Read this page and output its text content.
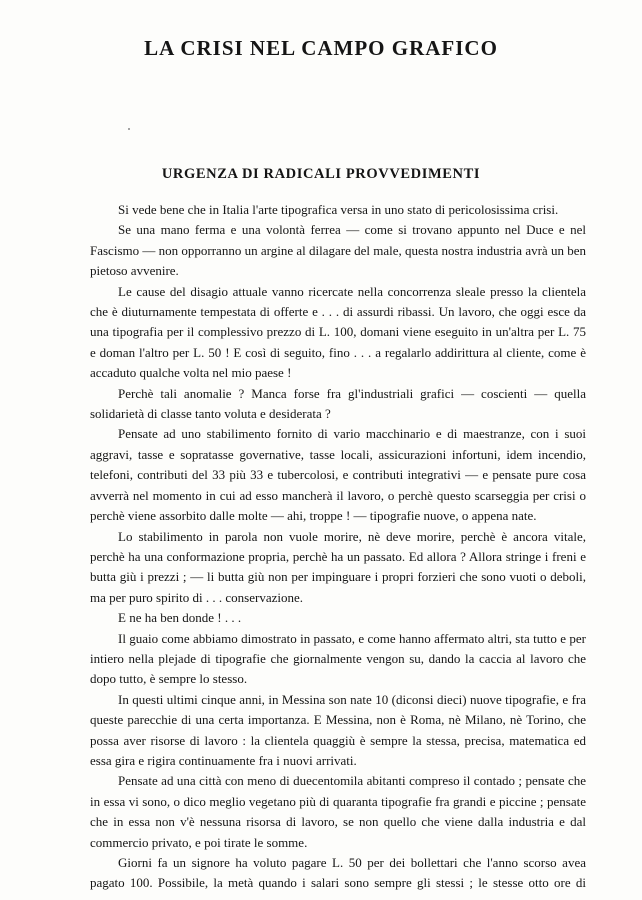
LA CRISI NEL CAMPO GRAFICO
URGENZA DI RADICALI PROVVEDIMENTI

Si vede bene che in Italia l'arte tipografica versa in uno stato di pericolosissima crisi.

Se una mano ferma e una volontà ferrea — come si trovano appunto nel Duce e nel Fascismo — non opporranno un argine al dilagare del male, questa nostra industria avrà un ben pietoso avvenire.

Le cause del disagio attuale vanno ricercate nella concorrenza sleale presso la clientela che è diuturnamente tempestata di offerte e . . . di assurdi ribassi. Un lavoro, che oggi esce da una tipografia per il complessivo prezzo di L. 100, domani viene eseguito in un'altra per L. 75 e doman l'altro per L. 50 ! E così di seguito, fino . . . a regalarlo addirittura al cliente, come è accaduto qualche volta nel mio paese !

Perchè tali anomalie ? Manca forse fra gl'industriali grafici — coscienti — quella solidarietà di classe tanto voluta e desiderata ?

Pensate ad uno stabilimento fornito di vario macchinario e di maestranze, con i suoi aggravi, tasse e sopratasse governative, tasse locali, assicurazioni infortuni, idem incendio, telefoni, contributi del 33 più 33 e tubercolosi, e contributi integrativi — e pensate pure cosa avverrà nel momento in cui ad esso mancherà il lavoro, o perchè questo scarseggia per crisi o perchè viene assorbito dalle molte — ahi, troppe ! — tipografie nuove, o appena nate.

Lo stabilimento in parola non vuole morire, nè deve morire, perchè è ancora vitale, perchè ha una conformazione propria, perchè ha un passato. Ed allora ? Allora stringe i freni e butta giù i prezzi ; — li butta giù non per impinguare i propri forzieri che sono vuoti o deboli, ma per puro spirito di . . . conservazione.

E ne ha ben donde ! . . .

Il guaio come abbiamo dimostrato in passato, e come hanno affermato altri, sta tutto e per intiero nella plejade di tipografie che giornalmente vengon su, dando la caccia al lavoro che dopo tutto, è sempre lo stesso.

In questi ultimi cinque anni, in Messina son nate 10 (diconsi dieci) nuove tipografie, e fra queste parecchie di una certa importanza. E Messina, non è Roma, nè Milano, nè Torino, che possa aver risorse di lavoro : la clientela quaggiù è sempre la stessa, precisa, matematica ed essa gira e rigira continuamente fra i nuovi arrivati.

Pensate ad una città con meno di duecentomila abitanti compreso il contado ; pensate che in essa vi sono, o dico meglio vegetano più di quaranta tipografie fra grandi e piccine ; pensate che in essa non v'è nessuna risorsa di lavoro, se non quello che viene dalla industria e dal commercio privato, e poi tirate le somme.

Giorni fa un signore ha voluto pagare L. 50 per dei bollettari che l'anno scorso avea pagato 100. Possibile, la metà quando i salari sono sempre gli stessi ; le stesse otto ore di
